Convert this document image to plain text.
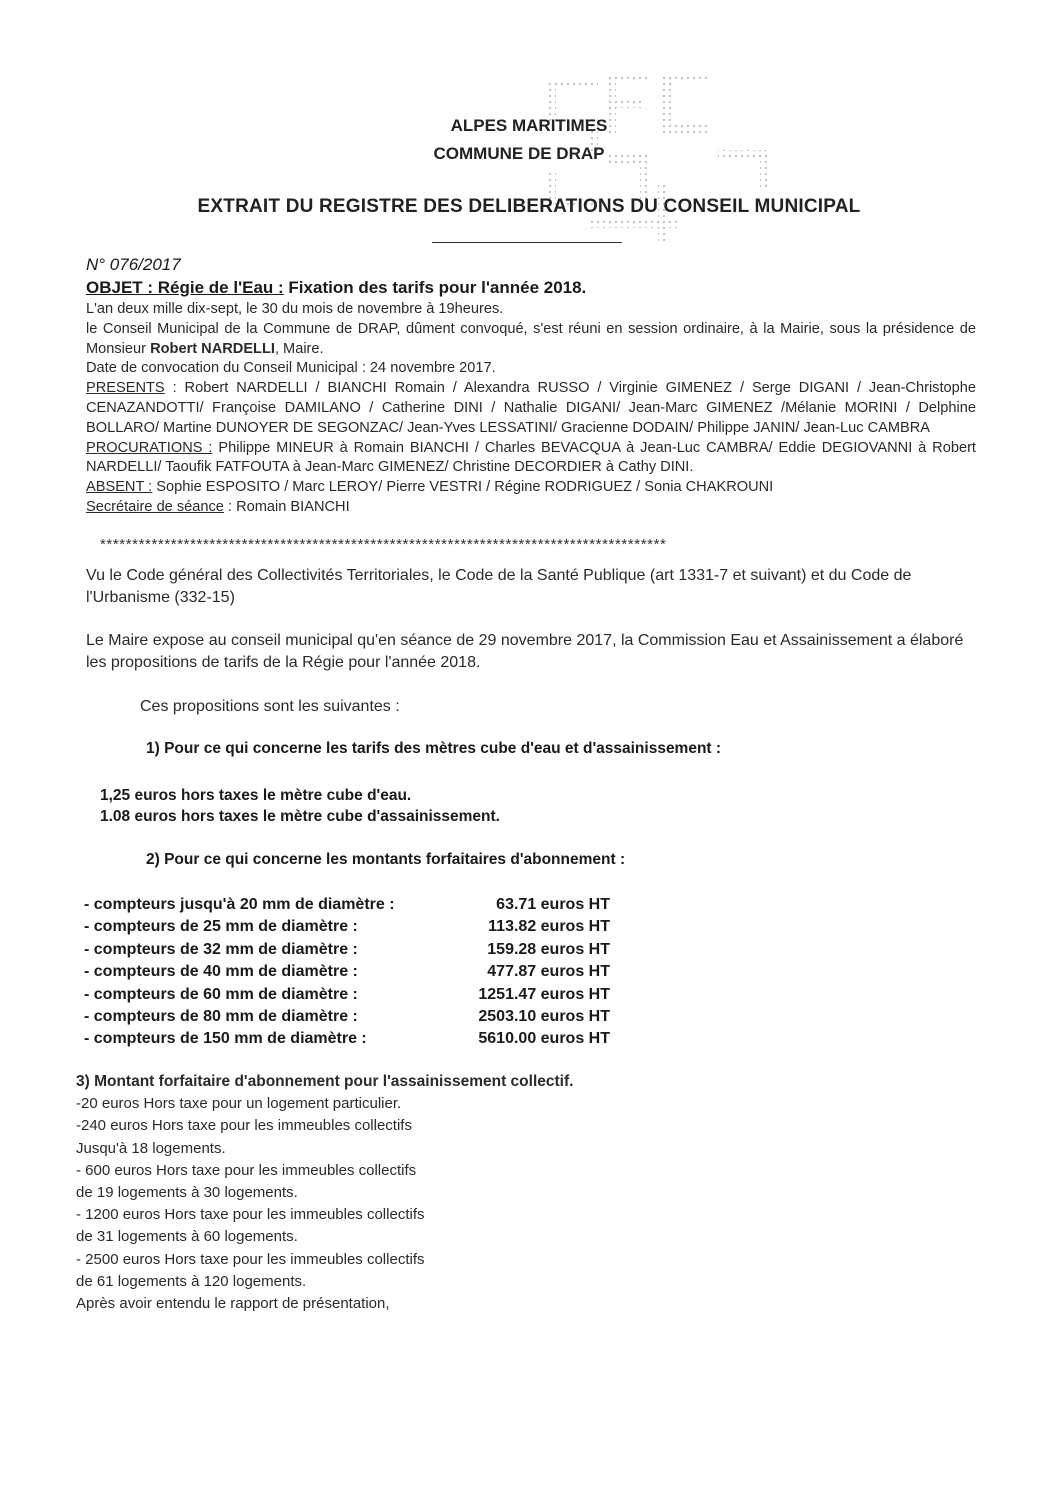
ALPES MARITIMES
COMMUNE DE DRAP
EXTRAIT DU REGISTRE DES DELIBERATIONS DU CONSEIL MUNICIPAL
N° 076/2017
OBJET : Régie de l'Eau : Fixation des tarifs pour l'année 2018.

L'an deux mille dix-sept, le 30 du mois de novembre à 19heures.

le Conseil Municipal de la Commune de DRAP, dûment convoqué, s'est réuni en session ordinaire, à la Mairie, sous la présidence de Monsieur Robert NARDELLI, Maire.

Date de convocation du Conseil Municipal : 24 novembre 2017.

PRESENTS : Robert NARDELLI / BIANCHI Romain / Alexandra RUSSO / Virginie GIMENEZ / Serge DIGANI / Jean-Christophe CENAZANDOTTI/ Françoise DAMILANO / Catherine DINI / Nathalie DIGANI/ Jean-Marc GIMENEZ /Mélanie MORINI / Delphine BOLLARO/ Martine DUNOYER DE SEGONZAC/ Jean-Yves LESSATINI/ Gracienne DODAIN/ Philippe JANIN/ Jean-Luc CAMBRA

PROCURATIONS : Philippe MINEUR à Romain BIANCHI / Charles BEVACQUA à Jean-Luc CAMBRA/ Eddie DEGIOVANNI à Robert NARDELLI/ Taoufik FATFOUTA à Jean-Marc GIMENEZ/ Christine DECORDIER à Cathy DINI.

ABSENT : Sophie ESPOSITO / Marc LEROY/ Pierre VESTRI / Régine RODRIGUEZ / Sonia CHAKROUNI

Secrétaire de séance : Romain BIANCHI

****************************************************************************************

Vu le Code général des Collectivités Territoriales, le Code de la Santé Publique (art 1331-7 et suivant) et du Code de l'Urbanisme (332-15)

Le Maire expose au conseil municipal qu'en séance de 29 novembre 2017, la Commission Eau et Assainissement a élaboré les propositions de tarifs de la Régie pour l'année 2018.

Ces propositions sont les suivantes :

1) Pour ce qui concerne les tarifs des mètres cube d'eau et d'assainissement :
1,25 euros hors taxes le mètre cube d'eau.
1.08 euros hors taxes le mètre cube d'assainissement.
2) Pour ce qui concerne les montants forfaitaires d'abonnement :
- compteurs jusqu'à 20 mm de diamètre :	63.71 euros HT
- compteurs de 25 mm de diamètre :	113.82 euros HT
- compteurs de 32 mm de diamètre :	159.28 euros HT
- compteurs de 40 mm de diamètre :	477.87 euros HT
- compteurs de 60 mm de diamètre :	1251.47 euros HT
- compteurs de 80 mm de diamètre :	2503.10 euros HT
- compteurs de 150 mm de diamètre :	5610.00 euros HT

3) Montant forfaitaire d'abonnement pour l'assainissement collectif.

-20 euros Hors taxe pour un logement particulier.

-240 euros Hors taxe pour les immeubles collectifs

Jusqu'à 18 logements.

- 600 euros Hors taxe pour les immeubles collectifs

de 19 logements à 30 logements.

- 1200 euros Hors taxe pour les immeubles collectifs

de 31 logements à 60 logements.

- 2500 euros Hors taxe pour les immeubles collectifs

de 61 logements à 120 logements.

Après avoir entendu le rapport de présentation,
